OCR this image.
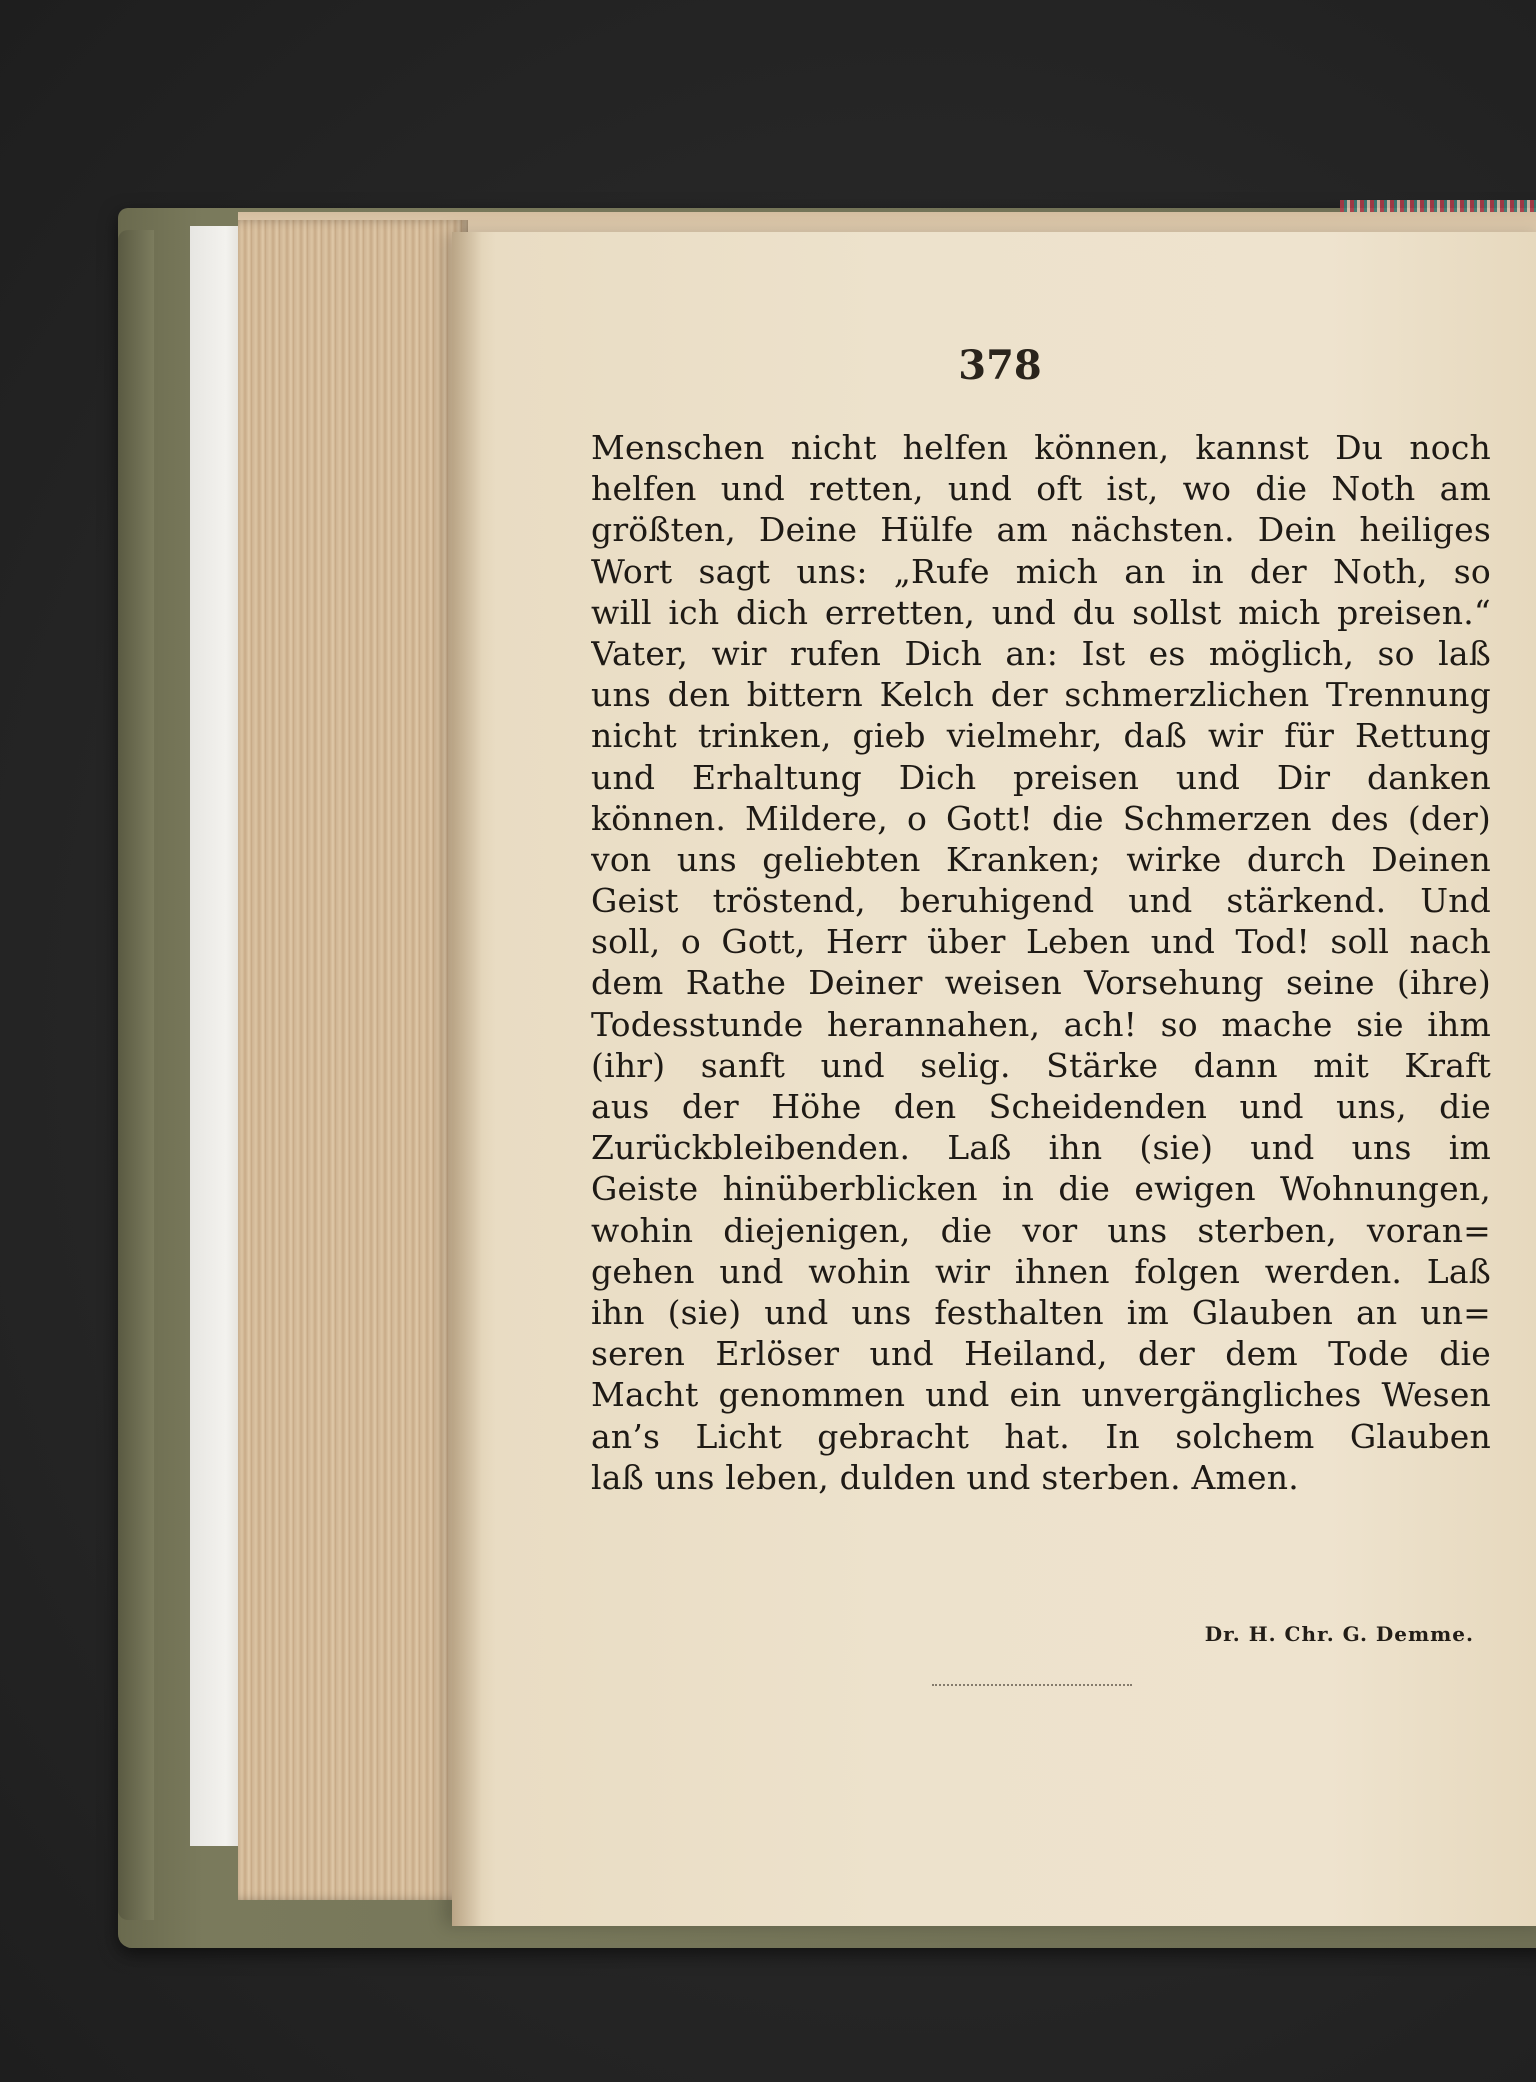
378
Menschen nicht helfen können, kannst Du noch
helfen und retten, und oft ist, wo die Noth am
größten, Deine Hülfe am nächsten. Dein heiliges
Wort sagt uns: „Rufe mich an in der Noth, so
will ich dich erretten, und du sollst mich preisen.“
Vater, wir rufen Dich an: Ist es möglich, so laß
uns den bittern Kelch der schmerzlichen Trennung
nicht trinken, gieb vielmehr, daß wir für Rettung
und Erhaltung Dich preisen und Dir danken
können. Mildere, o Gott! die Schmerzen des (der)
von uns geliebten Kranken; wirke durch Deinen
Geist tröstend, beruhigend und stärkend. Und
soll, o Gott, Herr über Leben und Tod! soll nach
dem Rathe Deiner weisen Vorsehung seine (ihre)
Todesstunde herannahen, ach! so mache sie ihm
(ihr) sanft und selig. Stärke dann mit Kraft
aus der Höhe den Scheidenden und uns, die
Zurückbleibenden. Laß ihn (sie) und uns im
Geiste hinüberblicken in die ewigen Wohnungen,
wohin diejenigen, die vor uns sterben, voran=
gehen und wohin wir ihnen folgen werden. Laß
ihn (sie) und uns festhalten im Glauben an un=
seren Erlöser und Heiland, der dem Tode die
Macht genommen und ein unvergängliches Wesen
an’s Licht gebracht hat. In solchem Glauben
laß uns leben, dulden und sterben. Amen.
Dr. H. Chr. G. Demme.
